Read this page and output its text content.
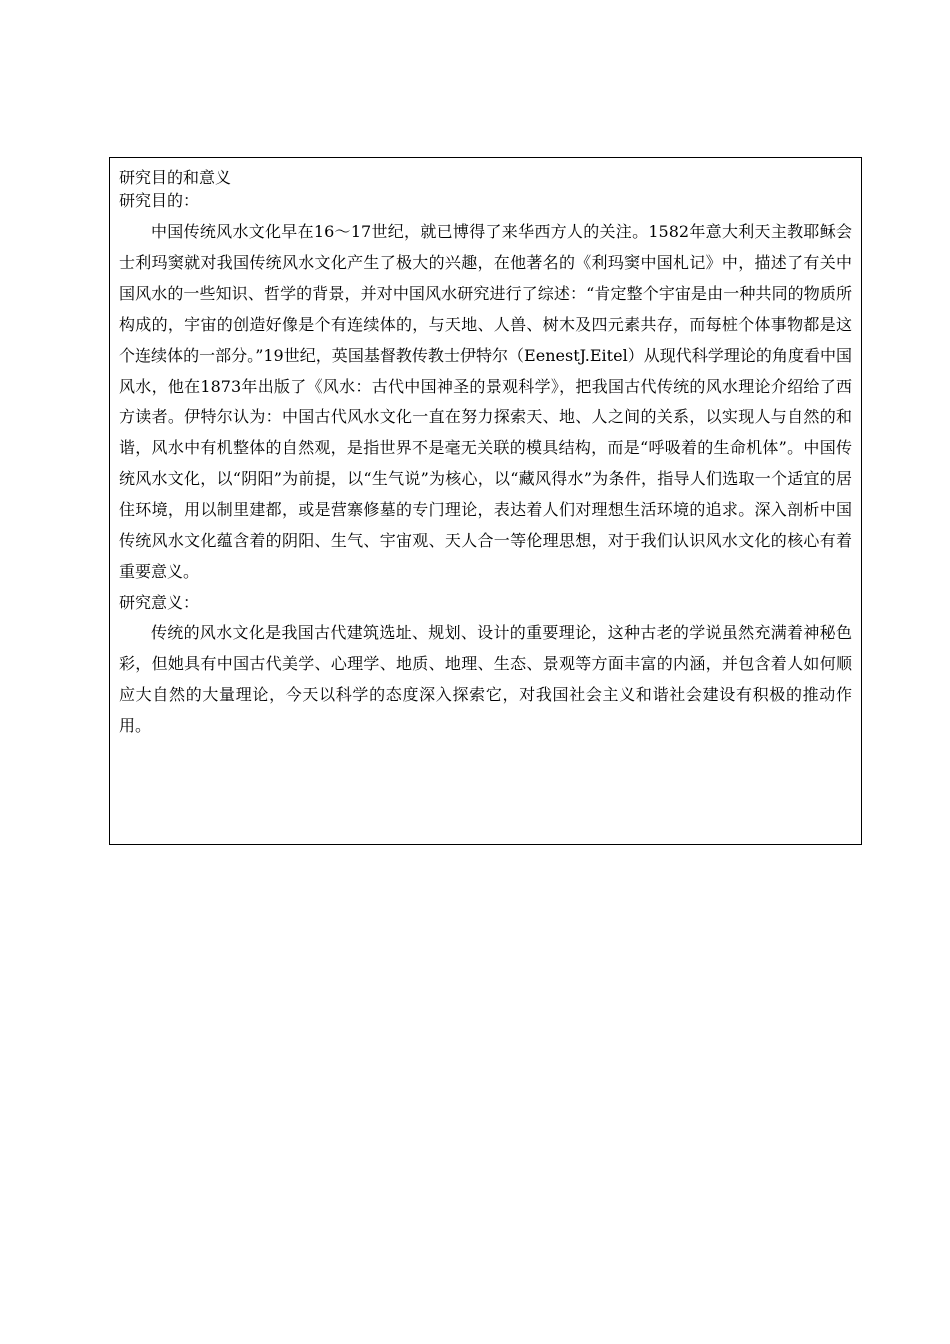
研究目的和意义

研究目的：

中国传统风水文化早在16～17世纪，就已博得了来华西方人的关注。1582年意大利天主教耶稣会士利玛窦就对我国传统风水文化产生了极大的兴趣，在他著名的《利玛窦中国札记》中，描述了有关中国风水的一些知识、哲学的背景，并对中国风水研究进行了综述：“肯定整个宇宙是由一种共同的物质所构成的，宇宙的创造好像是个有连续体的，与天地、人兽、树木及四元素共存，而每桩个体事物都是这个连续体的一部分。”19世纪，英国基督教传教士伊特尔（EenestJ.Eitel）从现代科学理论的角度看中国风水，他在1873年出版了《风水：古代中国神圣的景观科学》，把我国古代传统的风水理论介绍给了西方读者。伊特尔认为：中国古代风水文化一直在努力探索天、地、人之间的关系，以实现人与自然的和谐，风水中有机整体的自然观，是指世界不是毫无关联的模具结构，而是“呼吸着的生命机体”。中国传统风水文化，以“阴阳”为前提，以“生气说”为核心，以“藏风得水”为条件，指导人们选取一个适宜的居住环境，用以制里建都，或是营寨修墓的专门理论，表达着人们对理想生活环境的追求。深入剖析中国传统风水文化蕴含着的阴阳、生气、宇宙观、天人合一等伦理思想，对于我们认识风水文化的核心有着重要意义。

研究意义：

传统的风水文化是我国古代建筑选址、规划、设计的重要理论，这种古老的学说虽然充满着神秘色彩，但她具有中国古代美学、心理学、地质、地理、生态、景观等方面丰富的内涵，并包含着人如何顺应大自然的大量理论，今天以科学的态度深入探索它，对我国社会主义和谐社会建设有积极的推动作用。
